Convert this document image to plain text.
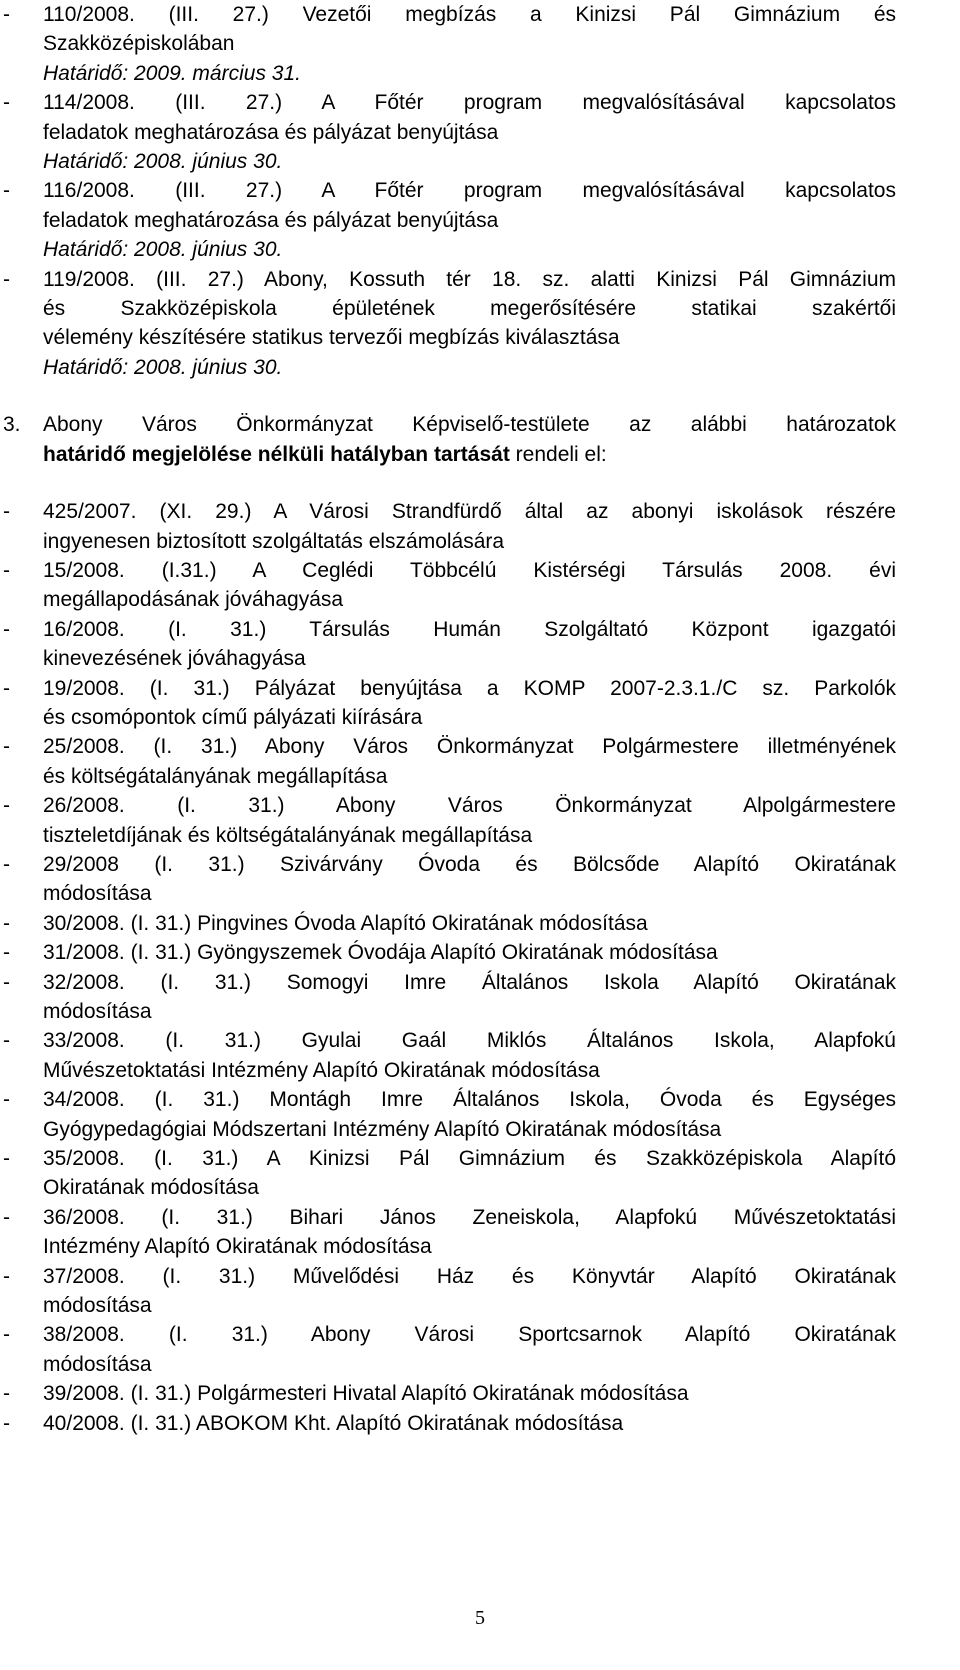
- 110/2008. (III. 27.) Vezetői megbízás a Kinizsi Pál Gimnázium és
Szakközépiskolában
Határidő: 2009. március 31.
- 114/2008. (III. 27.) A Főtér program megvalósításával kapcsolatos
feladatok meghatározása és pályázat benyújtása
Határidő: 2008. június 30.
- 116/2008. (III. 27.) A Főtér program megvalósításával kapcsolatos
feladatok meghatározása és pályázat benyújtása
Határidő: 2008. június 30.
- 119/2008. (III. 27.) Abony, Kossuth tér 18. sz. alatti Kinizsi Pál Gimnázium
és Szakközépiskola épületének megerősítésére statikai szakértői
vélemény készítésére statikus tervezői megbízás kiválasztása
Határidő: 2008. június 30.
3. Abony Város Önkormányzat Képviselő-testülete az alábbi határozatok
határidő megjelölése nélküli hatályban tartását rendeli el:
- 425/2007. (XI. 29.) A Városi Strandfürdő által az abonyi iskolások részére
ingyenesen biztosított szolgáltatás elszámolására
- 15/2008. (I.31.) A Ceglédi Többcélú Kistérségi Társulás 2008. évi
megállapodásának jóváhagyása
- 16/2008. (I. 31.) Társulás Humán Szolgáltató Központ igazgatói
kinevezésének jóváhagyása
- 19/2008. (I. 31.) Pályázat benyújtása a KOMP 2007-2.3.1./C sz. Parkolók
és csomópontok című pályázati kiírására
- 25/2008. (I. 31.) Abony Város Önkormányzat Polgármestere illetményének
és költségátalányának megállapítása
- 26/2008. (I. 31.) Abony Város Önkormányzat Alpolgármestere
tiszteletdíjának és költségátalányának megállapítása
- 29/2008 (I. 31.) Szivárvány Óvoda és Bölcsőde Alapító Okiratának
módosítása
- 30/2008. (I. 31.) Pingvines Óvoda Alapító Okiratának módosítása
- 31/2008. (I. 31.) Gyöngyszemek Óvodája Alapító Okiratának módosítása
- 32/2008. (I. 31.) Somogyi Imre Általános Iskola Alapító Okiratának
módosítása
- 33/2008. (I. 31.) Gyulai Gaál Miklós Általános Iskola, Alapfokú
Művészetoktatási Intézmény Alapító Okiratának módosítása
- 34/2008. (I. 31.) Montágh Imre Általános Iskola, Óvoda és Egységes
Gyógypedagógiai Módszertani Intézmény Alapító Okiratának módosítása
- 35/2008. (I. 31.) A Kinizsi Pál Gimnázium és Szakközépiskola Alapító
Okiratának módosítása
- 36/2008. (I. 31.) Bihari János Zeneiskola, Alapfokú Művészetoktatási
Intézmény Alapító Okiratának módosítása
- 37/2008. (I. 31.) Művelődési Ház és Könyvtár Alapító Okiratának
módosítása
- 38/2008. (I. 31.) Abony Városi Sportcsarnok Alapító Okiratának
módosítása
- 39/2008. (I. 31.) Polgármesteri Hivatal Alapító Okiratának módosítása
- 40/2008. (I. 31.) ABOKOM Kht. Alapító Okiratának módosítása
5
